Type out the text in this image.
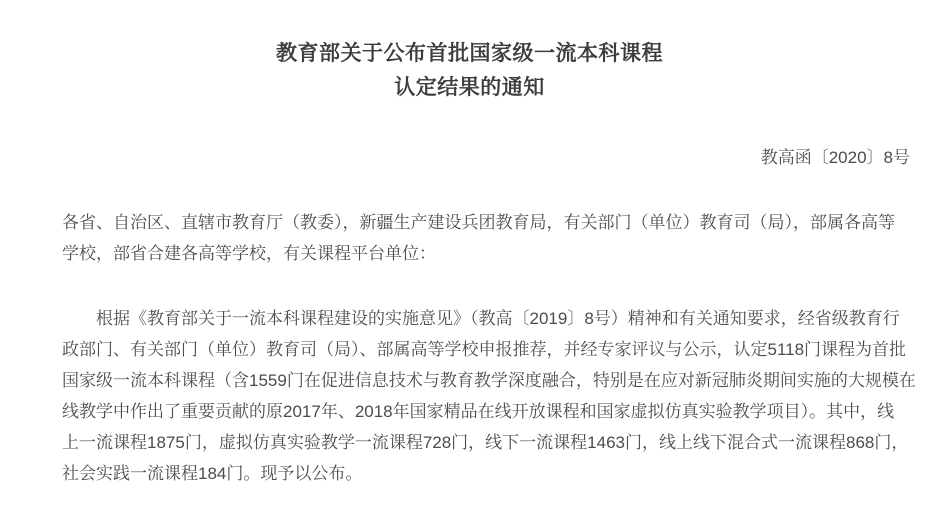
教育部关于公布首批国家级一流本科课程
认定结果的通知
教高函〔2020〕8号
各省、自治区、直辖市教育厅（教委），新疆生产建设兵团教育局，有关部门（单位）教育司（局），部属各高等
学校，部省合建各高等学校，有关课程平台单位：
根据《教育部关于一流本科课程建设的实施意见》（教高〔2019〕8号）精神和有关通知要求，经省级教育行
政部门、有关部门（单位）教育司（局）、部属高等学校申报推荐，并经专家评议与公示，认定5118门课程为首批
国家级一流本科课程（含1559门在促进信息技术与教育教学深度融合，特别是在应对新冠肺炎期间实施的大规模在
线教学中作出了重要贡献的原2017年、2018年国家精品在线开放课程和国家虚拟仿真实验教学项目）。其中，线
上一流课程1875门，虚拟仿真实验教学一流课程728门，线下一流课程1463门，线上线下混合式一流课程868门，
社会实践一流课程184门。现予以公布。
